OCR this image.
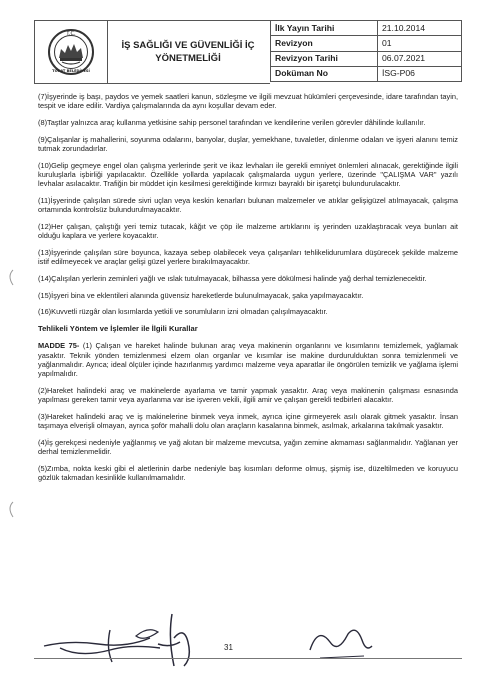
T.C.
TOKAT BELEDİYESİ
İŞ SAĞLIĞI VE GÜVENLİĞİ İÇ YÖNETMELİĞİ
İlk Yayın Tarihi	21.10.2014
Revizyon	01
Revizyon Tarihi	06.07.2021
Doküman No	İSG-P06

(7)İşyerinde iş başı, paydos ve yemek saatleri kanun, sözleşme ve ilgili mevzuat hükümleri çerçevesinde, idare tarafından tayin, tespit ve idare edilir. Vardiya çalışmalarında da aynı koşullar devam eder.

(8)Taştlar yalnızca araç kullanma yetkisine sahip personel tarafından ve kendilerine verilen görevler dâhilinde kullanılır.

(9)Çalışanlar iş mahallerini, soyunma odalarını, banyolar, duşlar, yemekhane, tuvaletler, dinlenme odaları ve işyeri alanını temiz tutmak zorundadırlar.

(10)Gelip geçmeye engel olan çalışma yerlerinde şerit ve ikaz levhaları ile gerekli emniyet önlemleri alınacak, gerektiğinde ilgili kuruluşlarla işbirliği yapılacaktır. Özellikle yollarda yapılacak çalışmalarda uygun yerlere, üzerinde "ÇALIŞMA VAR" yazılı levhalar asılacaktır. Trafiğin bir müddet için kesilmesi gerektiğinde kırmızı bayraklı bir işaretçi bulundurulacaktır.

(11)İşyerinde çalışılan sürede sivri uçlan veya keskin kenarları bulunan malzemeler ve atıklar gelişigüzel atılmayacak, çalışma ortamında kontrolsüz bulundurulmayacaktır.

(12)Her çalışan, çalıştığı yeri temiz tutacak, kâğıt ve çöp ile malzeme artıklarını iş yerinden uzaklaştıracak veya bunları ait olduğu kaplara ve yerlere koyacaktır.

(13)İşyerinde çalışılan süre boyunca, kazaya sebep olabilecek veya çalışanları tehlikelidurumlara düşürecek şekilde malzeme istif edilmeyecek ve araçlar gelişi güzel yerlere bırakılmayacaktır.

(14)Çalışılan yerlerin zeminleri yağlı ve ıslak tutulmayacak, bilhassa yere dökülmesi halinde yağ derhal temizlenecektir.

(15)İşyeri bina ve eklentileri alanında güvensiz hareketlerde bulunulmayacak, şaka yapılmayacaktır.

(16)Kuvvetli rüzgâr olan kısımlarda yetkili ve sorumluların izni olmadan çalışılmayacaktır.

Tehlikeli Yöntem ve İşlemler ile İlgili Kurallar

MADDE 75- (1) Çalışan ve hareket halinde bulunan araç veya makinenin organlarını ve kısımlarını temizlemek, yağlamak yasaktır. Teknik yönden temizlenmesi elzem olan organlar ve kısımlar ise makine durdurulduktan sonra temizlenmeli ve yağlanmalıdır. Ayrıca; ideal ölçüler içinde hazırlanmış yardımcı malzeme veya aparatlar ile öngörülen temizlik ve yağlama işlemi yapılmalıdır.

(2)Hareket halindeki araç ve makinelerde ayarlama ve tamir yapmak yasaktır. Araç veya makinenin çalışması esnasında yapılması gereken tamir veya ayarlanma var ise işveren vekili, ilgili amir ve çalışan gerekli tedbirleri alacaktır.

(3)Hareket halindeki araç ve iş makinelerine binmek veya inmek, ayrıca içine girmeyerek asılı olarak gitmek yasaktır. İnsan taşımaya elverişli olmayan, ayrıca şoför mahalli dolu olan araçların kasalarına binmek, asılmak, arkalarına takılmak yasaktır.

(4)İş gerekçesi nedeniyle yağlanmış ve yağ akıtan bir malzeme mevcutsa, yağın zemine akmaması sağlanmalıdır. Yağlanan yer derhal temizlenmelidir.

(5)Zımba, nokta keski gibi el aletlerinin darbe nedeniyle baş kısımları deforme olmuş, şişmiş ise, düzeltilmeden ve koruyucu gözlük takmadan kesinlikle kullanılmamalıdır.

31
